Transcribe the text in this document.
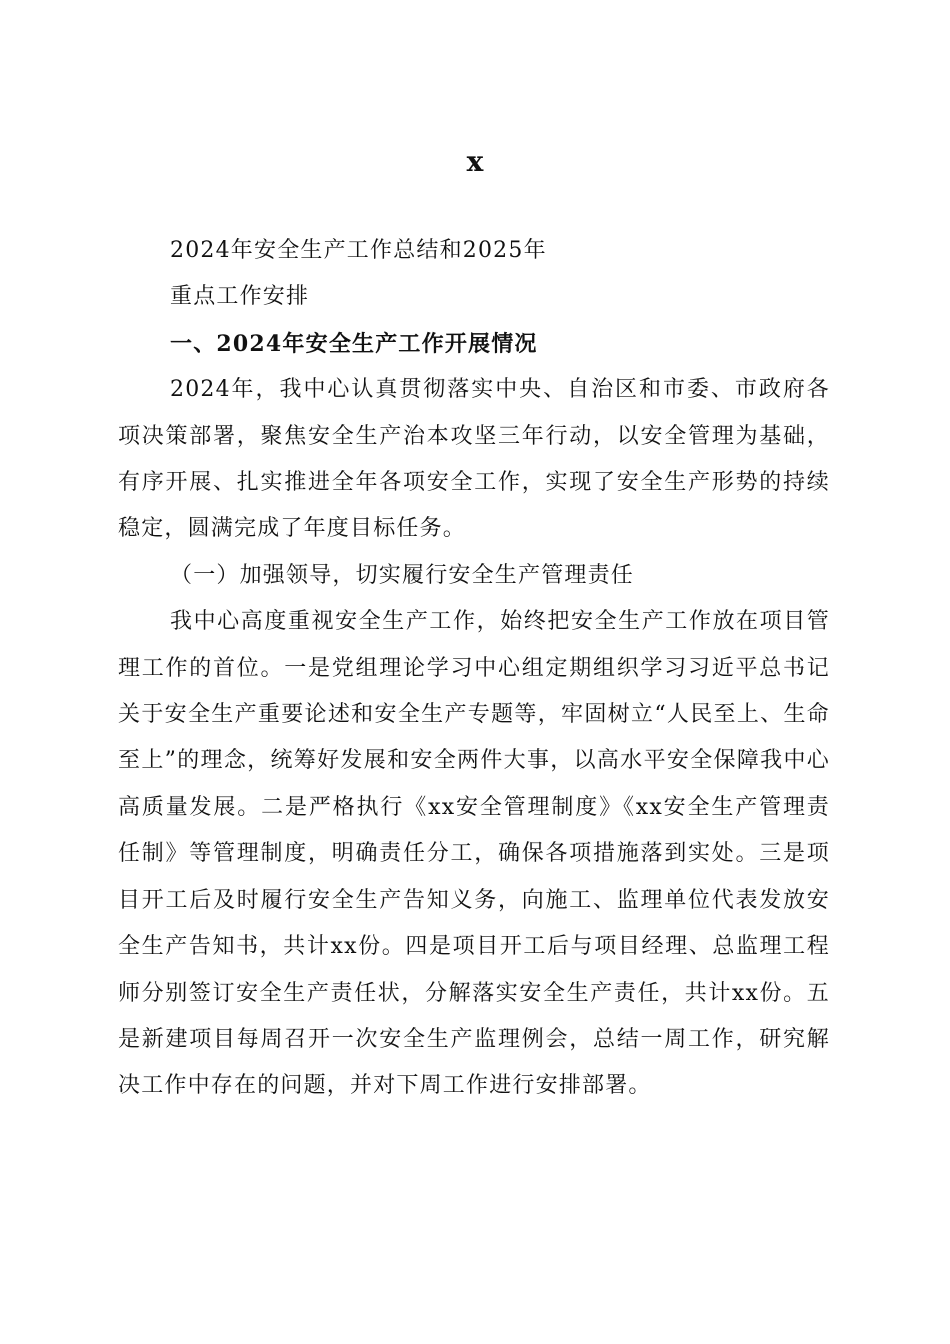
x

2024年安全生产工作总结和2025年

重点工作安排

一、2024年安全生产工作开展情况

2024年，我中心认真贯彻落实中央、自治区和市委、市政府各项决策部署，聚焦安全生产治本攻坚三年行动，以安全管理为基础，有序开展、扎实推进全年各项安全工作，实现了安全生产形势的持续稳定，圆满完成了年度目标任务。

（一）加强领导，切实履行安全生产管理责任

我中心高度重视安全生产工作，始终把安全生产工作放在项目管理工作的首位。一是党组理论学习中心组定期组织学习习近平总书记关于安全生产重要论述和安全生产专题等，牢固树立“人民至上、生命至上”的理念，统筹好发展和安全两件大事，以高水平安全保障我中心高质量发展。二是严格执行《xx安全管理制度》《xx安全生产管理责任制》等管理制度，明确责任分工，确保各项措施落到实处。三是项目开工后及时履行安全生产告知义务，向施工、监理单位代表发放安全生产告知书，共计xx份。四是项目开工后与项目经理、总监理工程师分别签订安全生产责任状，分解落实安全生产责任，共计xx份。五是新建项目每周召开一次安全生产监理例会，总结一周工作，研究解决工作中存在的问题，并对下周工作进行安排部署。
